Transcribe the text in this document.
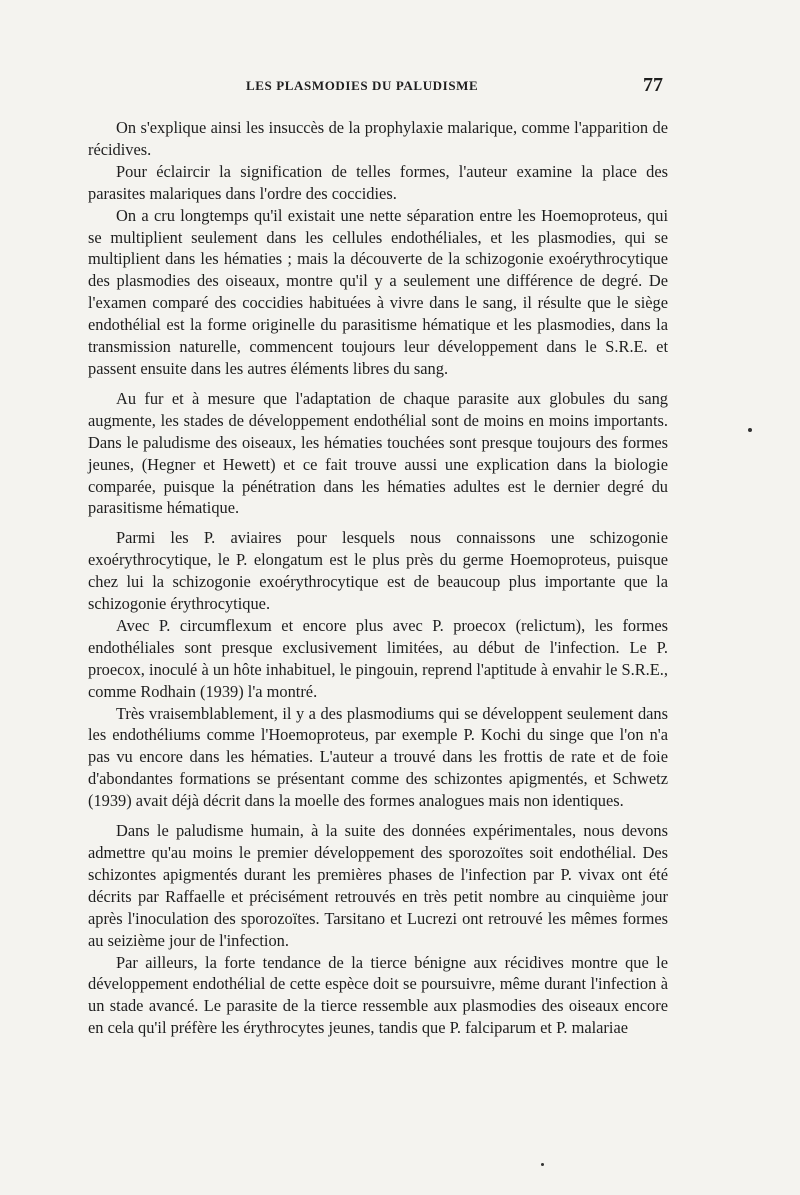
LES PLASMODIES DU PALUDISME	77

On s'explique ainsi les insuccès de la prophylaxie malarique, comme l'apparition de récidives.

Pour éclaircir la signification de telles formes, l'auteur examine la place des parasites malariques dans l'ordre des coccidies.

On a cru longtemps qu'il existait une nette séparation entre les Hoemoproteus, qui se multiplient seulement dans les cellules endothéliales, et les plasmodies, qui se multiplient dans les hématies ; mais la découverte de la schizogonie exoérythrocytique des plasmodies des oiseaux, montre qu'il y a seulement une différence de degré. De l'examen comparé des coccidies habituées à vivre dans le sang, il résulte que le siège endothélial est la forme originelle du parasitisme hématique et les plasmodies, dans la transmission naturelle, commencent toujours leur développement dans le S.R.E. et passent ensuite dans les autres éléments libres du sang.

Au fur et à mesure que l'adaptation de chaque parasite aux globules du sang augmente, les stades de développement endothélial sont de moins en moins importants. Dans le paludisme des oiseaux, les hématies touchées sont presque toujours des formes jeunes, (Hegner et Hewett) et ce fait trouve aussi une explication dans la biologie comparée, puisque la pénétration dans les hématies adultes est le dernier degré du parasitisme hématique.

Parmi les P. aviaires pour lesquels nous connaissons une schizogonie exoérythrocytique, le P. elongatum est le plus près du germe Hoemoproteus, puisque chez lui la schizogonie exoérythrocytique est de beaucoup plus importante que la schizogonie érythrocytique.

Avec P. circumflexum et encore plus avec P. proecox (relictum), les formes endothéliales sont presque exclusivement limitées, au début de l'infection. Le P. proecox, inoculé à un hôte inhabituel, le pingouin, reprend l'aptitude à envahir le S.R.E., comme Rodhain (1939) l'a montré.

Très vraisemblablement, il y a des plasmodiums qui se développent seulement dans les endothéliums comme l'Hoemoproteus, par exemple P. Kochi du singe que l'on n'a pas vu encore dans les hématies. L'auteur a trouvé dans les frottis de rate et de foie d'abondantes formations se présentant comme des schizontes apigmentés, et Schwetz (1939) avait déjà décrit dans la moelle des formes analogues mais non identiques.

Dans le paludisme humain, à la suite des données expérimentales, nous devons admettre qu'au moins le premier développement des sporozoïtes soit endothélial. Des schizontes apigmentés durant les premières phases de l'infection par P. vivax ont été décrits par Raffaelle et précisément retrouvés en très petit nombre au cinquième jour après l'inoculation des sporozoïtes. Tarsitano et Lucrezi ont retrouvé les mêmes formes au seizième jour de l'infection.

Par ailleurs, la forte tendance de la tierce bénigne aux récidives montre que le développement endothélial de cette espèce doit se poursuivre, même durant l'infection à un stade avancé. Le parasite de la tierce ressemble aux plasmodies des oiseaux encore en cela qu'il préfère les érythrocytes jeunes, tandis que P. falciparum et P. malariae
